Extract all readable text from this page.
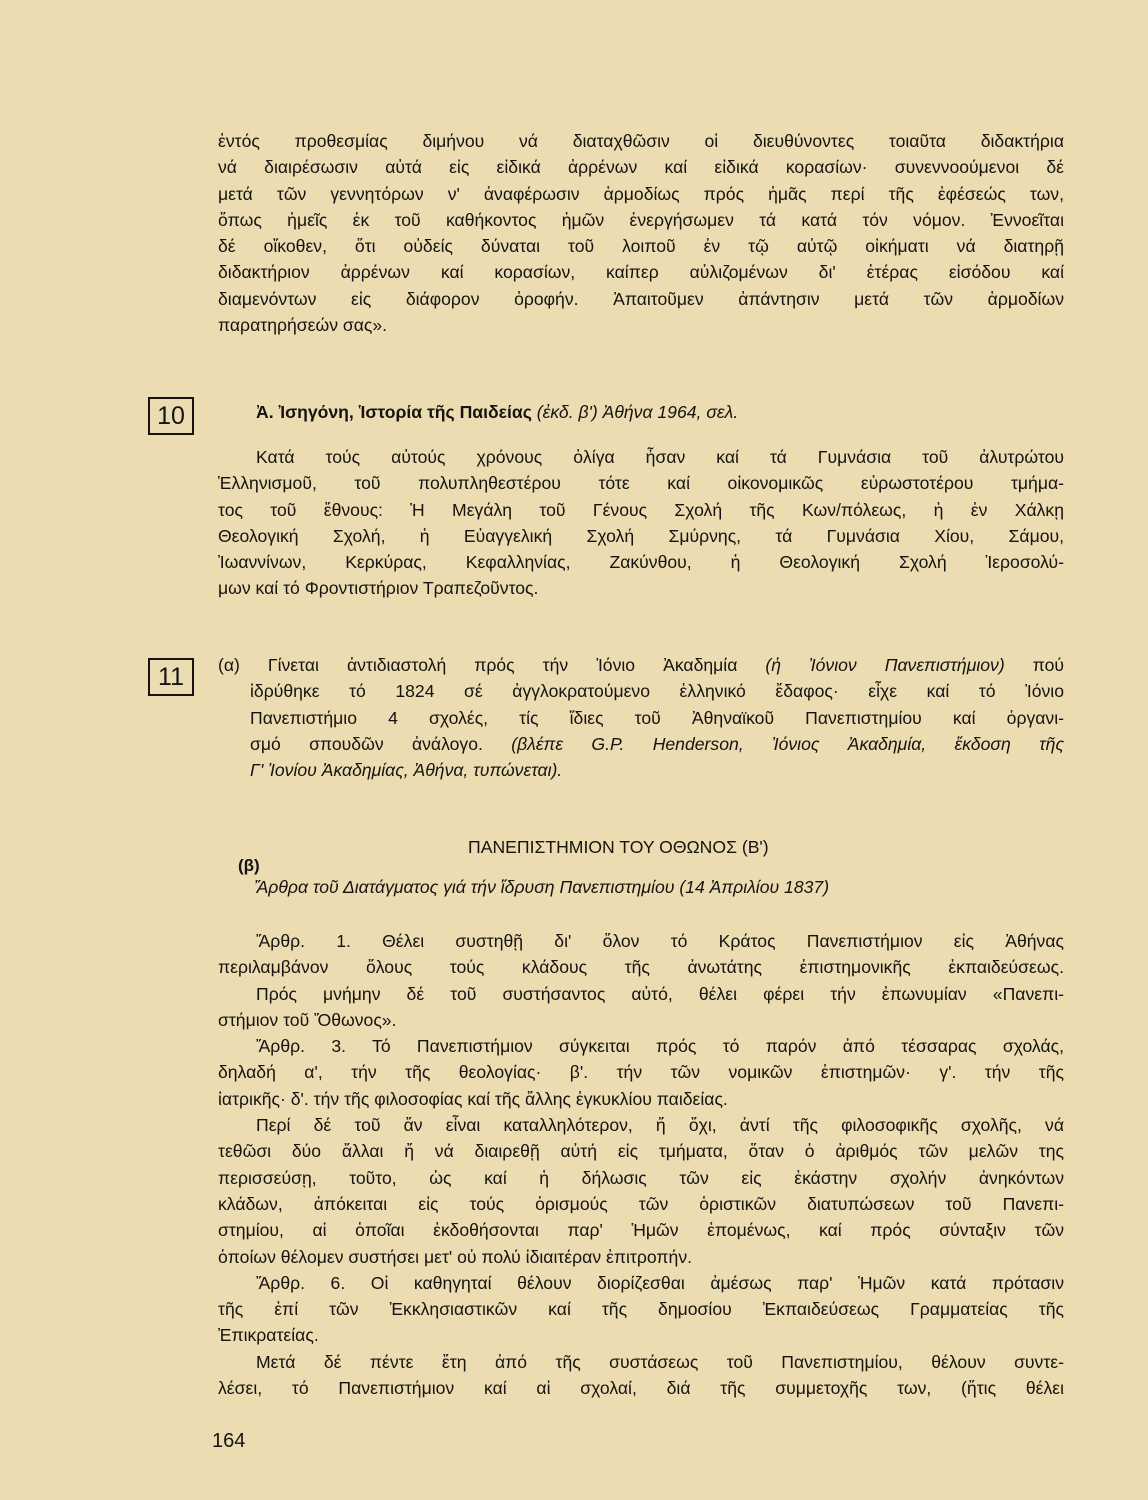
ἐντός προθεσμίας διμήνου νά διαταχθῶσιν οἱ διευθύνοντες τοιαῦτα διδακτήρια
νά διαιρέσωσιν αὐτά εἰς εἰδικά ἀρρένων καί εἰδικά κορασίων· συνεννοούμενοι δέ
μετά τῶν γεννητόρων ν' ἀναφέρωσιν ἁρμοδίως πρός ἡμᾶς περί τῆς ἐφέσεώς των,
ὅπως ἡμεῖς ἐκ τοῦ καθήκοντος ἡμῶν ἐνεργήσωμεν τά κατά τόν νόμον. Ἐννοεῖται
δέ οἴκοθεν, ὅτι οὐδείς δύναται τοῦ λοιποῦ ἐν τῷ αὐτῷ οἰκήματι νά διατηρῇ
διδακτήριον ἀρρένων καί κορασίων, καίπερ αὐλιζομένων δι' ἑτέρας εἰσόδου καί
διαμενόντων εἰς διάφορον ὀροφήν. Ἀπαιτοῦμεν ἀπάντησιν μετά τῶν ἁρμοδίων
παρατηρήσεών σας».
10	Ἀ. Ἰσηγόνη, Ἱστορία τῆς Παιδείας (ἐκδ. β') Ἀθήνα 1964, σελ.
Κατά τούς αὐτούς χρόνους ὀλίγα ἦσαν καί τά Γυμνάσια τοῦ ἀλυτρώτου
Ἑλληνισμοῦ, τοῦ πολυπληθεστέρου τότε καί οἰκονομικῶς εὐρωστοτέρου τμήμα-
τος τοῦ ἔθνους: Ἡ Μεγάλη τοῦ Γένους Σχολή τῆς Κων/πόλεως, ἡ ἐν Χάλκῃ
Θεολογική Σχολή, ἡ Εὐαγγελική Σχολή Σμύρνης, τά Γυμνάσια Χίου, Σάμου,
Ἰωαννίνων, Κερκύρας, Κεφαλληνίας, Ζακύνθου, ἡ Θεολογική Σχολή Ἱεροσολύ-
μων καί τό Φροντιστήριον Τραπεζοῦντος.
11	(α) Γίνεται ἀντιδιαστολή πρός τήν Ἰόνιο Ἀκαδημία (ἡ Ἰόνιον Πανεπιστήμιον) πού
ἱδρύθηκε τό 1824 σέ ἀγγλοκρατούμενο ἑλληνικό ἔδαφος· εἶχε καί τό Ἰόνιο
Πανεπιστήμιο 4 σχολές, τίς ἴδιες τοῦ Ἀθηναϊκοῦ Πανεπιστημίου καί ὀργανι-
σμό σπουδῶν ἀνάλογο. (βλέπε G.P. Henderson, Ἰόνιος Ἀκαδημία, ἔκδοση τῆς
Γ' Ἰονίου Ἀκαδημίας, Ἀθήνα, τυπώνεται).
ΠΑΝΕΠΙΣΤΗΜΙΟΝ ΤΟΥ ΟΘΩΝΟΣ (Β')
(β)
Ἄρθρα τοῦ Διατάγματος γιά τήν ἵδρυση Πανεπιστημίου (14 Ἀπριλίου 1837)
Ἄρθρ. 1. Θέλει συστηθῇ δι' ὅλον τό Κράτος Πανεπιστήμιον εἰς Ἀθήνας
περιλαμβάνον ὅλους τούς κλάδους τῆς ἀνωτάτης ἐπιστημονικῆς ἐκπαιδεύσεως.
Πρός μνήμην δέ τοῦ συστήσαντος αὐτό, θέλει φέρει τήν ἐπωνυμίαν «Πανεπι-
στήμιον τοῦ Ὄθωνος».
Ἄρθρ. 3. Τό Πανεπιστήμιον σύγκειται πρός τό παρόν ἀπό τέσσαρας σχολάς,
δηλαδή α', τήν τῆς θεολογίας· β'. τήν τῶν νομικῶν ἐπιστημῶν· γ'. τήν τῆς
ἰατρικῆς· δ'. τήν τῆς φιλοσοφίας καί τῆς ἄλλης ἐγκυκλίου παιδείας.
Περί δέ τοῦ ἄν εἶναι καταλληλότερον, ἤ ὄχι, ἀντί τῆς φιλοσοφικῆς σχολῆς, νά
τεθῶσι δύο ἄλλαι ἤ νά διαιρεθῇ αὐτή εἰς τμήματα, ὅταν ὁ ἀριθμός τῶν μελῶν της
περισσεύσῃ, τοῦτο, ὡς καί ἡ δήλωσις τῶν εἰς ἑκάστην σχολήν ἀνηκόντων
κλάδων, ἀπόκειται εἰς τούς ὁρισμούς τῶν ὁριστικῶν διατυπώσεων τοῦ Πανεπι-
στημίου, αἱ ὁποῖαι ἐκδοθήσονται παρ' Ἡμῶν ἑπομένως, καί πρός σύνταξιν τῶν
ὁποίων θέλομεν συστήσει μετ' οὐ πολύ ἰδιαιτέραν ἐπιτροπήν.
Ἄρθρ. 6. Οἱ καθηγηταί θέλουν διορίζεσθαι ἀμέσως παρ' Ἡμῶν κατά πρότασιν
τῆς ἐπί τῶν Ἐκκλησιαστικῶν καί τῆς δημοσίου Ἐκπαιδεύσεως Γραμματείας τῆς
Ἐπικρατείας.
Μετά δέ πέντε ἔτη ἀπό τῆς συστάσεως τοῦ Πανεπιστημίου, θέλουν συντε-
λέσει, τό Πανεπιστήμιον καί αἱ σχολαί, διά τῆς συμμετοχῆς των, (ἥτις θέλει
164
